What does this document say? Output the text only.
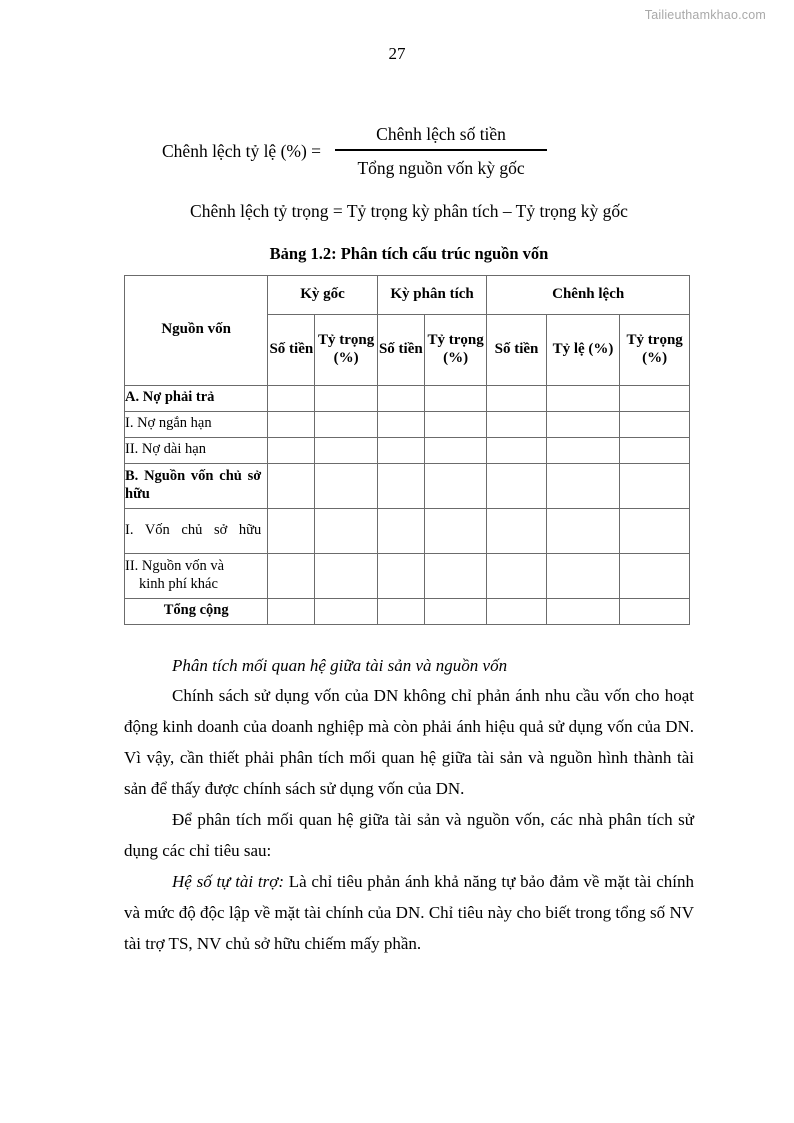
Tailieuthamkhao.com
27
Chênh lệch tỷ lệ (%) = $\frac{\text{Chênh lệch số tiền}}{\text{Tổng nguồn vốn kỳ gốc}}$
Chênh lệch tỷ trọng = Tỷ trọng kỳ phân tích – Tỷ trọng kỳ gốc
Bảng 1.2: Phân tích cấu trúc nguồn vốn
Nguồn vốn	Kỳ gốc		Kỳ phân tích		Chênh lệch		
	Số tiền	Tỷ trọng (%)	Số tiền	Tỷ trọng (%)	Số tiền	Tỷ lệ (%)	Tỷ trọng (%)
A. Nợ phải trả							
I. Nợ ngắn hạn							
II. Nợ dài hạn							
B. Nguồn vốn chủ sở hữu							
I. Vốn chủ sở hữu							
II. Nguồn vốn và
kinh phí khác							

Tổng cộng							

Phân tích mối quan hệ giữa tài sản và nguồn vốn

Chính sách sử dụng vốn của DN không chỉ phản ánh nhu cầu vốn cho hoạt động kinh doanh của doanh nghiệp mà còn phải ánh hiệu quả sử dụng vốn của DN. Vì vậy, cần thiết phải phân tích mối quan hệ giữa tài sản và nguồn hình thành tài sản để thấy được chính sách sử dụng vốn của DN.

Để phân tích mối quan hệ giữa tài sản và nguồn vốn, các nhà phân tích sử dụng các chỉ tiêu sau:

Hệ số tự tài trợ: Là chỉ tiêu phản ánh khả năng tự bảo đảm về mặt tài chính và mức độ độc lập về mặt tài chính của DN. Chỉ tiêu này cho biết trong tổng số NV tài trợ TS, NV chủ sở hữu chiếm mấy phần.
